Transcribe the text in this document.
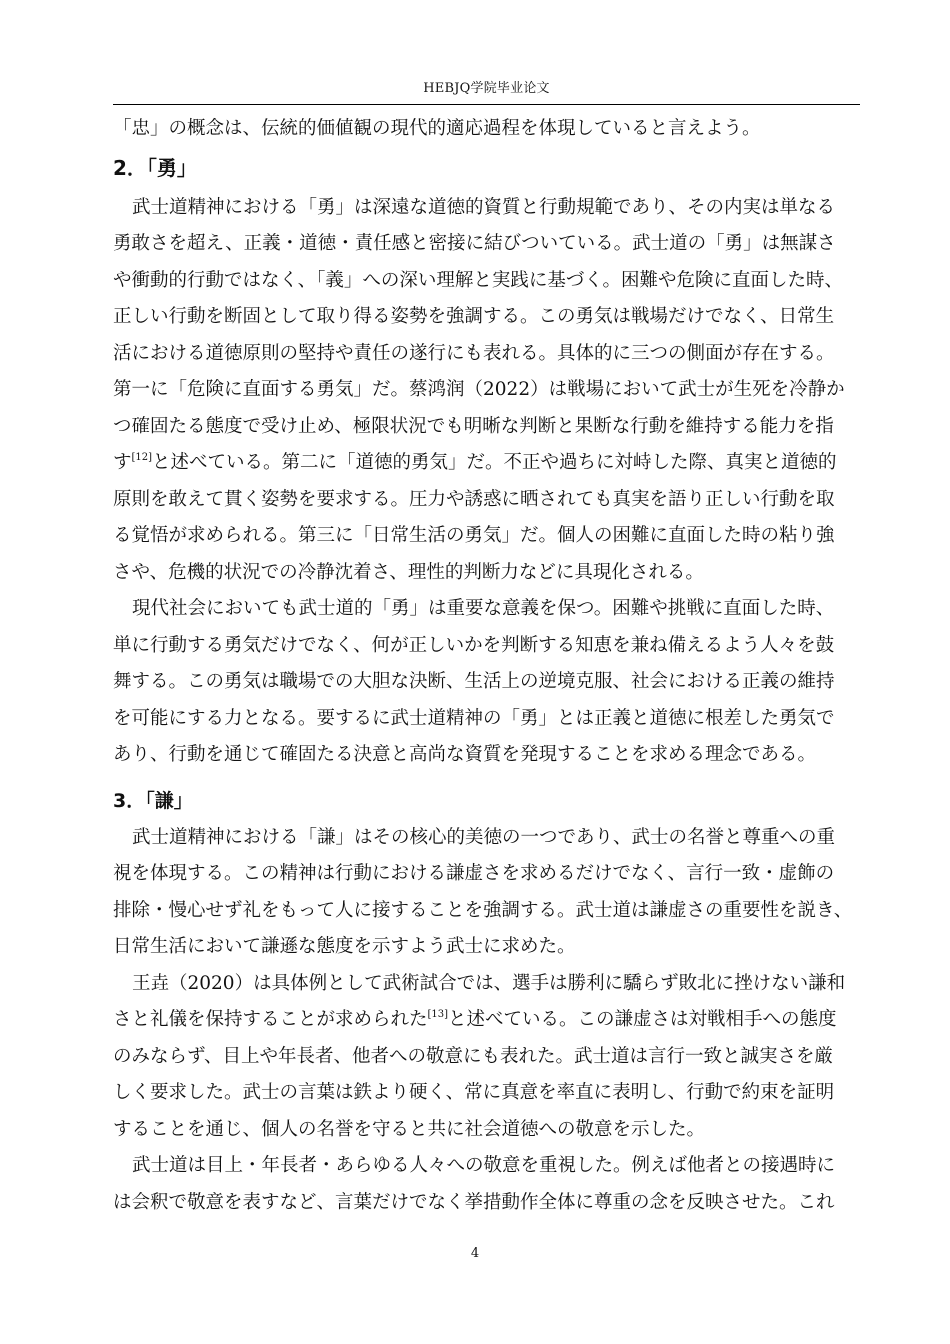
HEBJQ学院毕业论文
「忠」の概念は、伝統的価値観の現代的適応過程を体現していると言えよう。
2．「勇」
武士道精神における「勇」は深遠な道徳的資質と行動規範であり、その内実は単なる
勇敢さを超え、正義・道徳・責任感と密接に結びついている。武士道の「勇」は無謀さ
や衝動的行動ではなく、「義」への深い理解と実践に基づく。困難や危険に直面した時、
正しい行動を断固として取り得る姿勢を強調する。この勇気は戦場だけでなく、日常生
活における道徳原則の堅持や責任の遂行にも表れる。具体的に三つの側面が存在する。
第一に「危険に直面する勇気」だ。蔡鸿润（2022）は戦場において武士が生死を冷静か
つ確固たる態度で受け止め、極限状況でも明晰な判断と果断な行動を維持する能力を指
す[12]と述べている。第二に「道徳的勇気」だ。不正や過ちに対峙した際、真実と道徳的
原則を敢えて貫く姿勢を要求する。圧力や誘惑に晒されても真実を語り正しい行動を取
る覚悟が求められる。第三に「日常生活の勇気」だ。個人の困難に直面した時の粘り強
さや、危機的状況での冷静沈着さ、理性的判断力などに具現化される。
現代社会においても武士道的「勇」は重要な意義を保つ。困難や挑戦に直面した時、
単に行動する勇気だけでなく、何が正しいかを判断する知恵を兼ね備えるよう人々を鼓
舞する。この勇気は職場での大胆な決断、生活上の逆境克服、社会における正義の維持
を可能にする力となる。要するに武士道精神の「勇」とは正義と道徳に根差した勇気で
あり、行動を通じて確固たる決意と高尚な資質を発現することを求める理念である。
3．「謙」
武士道精神における「謙」はその核心的美徳の一つであり、武士の名誉と尊重への重
視を体現する。この精神は行動における謙虚さを求めるだけでなく、言行一致・虚飾の
排除・慢心せず礼をもって人に接することを強調する。武士道は謙虚さの重要性を説き、
日常生活において謙遜な態度を示すよう武士に求めた。
王垚（2020）は具体例として武術試合では、選手は勝利に驕らず敗北に挫けない謙和
さと礼儀を保持することが求められた[13]と述べている。この謙虚さは対戦相手への態度
のみならず、目上や年長者、他者への敬意にも表れた。武士道は言行一致と誠実さを厳
しく要求した。武士の言葉は鉄より硬く、常に真意を率直に表明し、行動で約束を証明
することを通じ、個人の名誉を守ると共に社会道徳への敬意を示した。
武士道は目上・年長者・あらゆる人々への敬意を重視した。例えば他者との接遇時に
は会釈で敬意を表すなど、言葉だけでなく挙措動作全体に尊重の念を反映させた。これ
4
